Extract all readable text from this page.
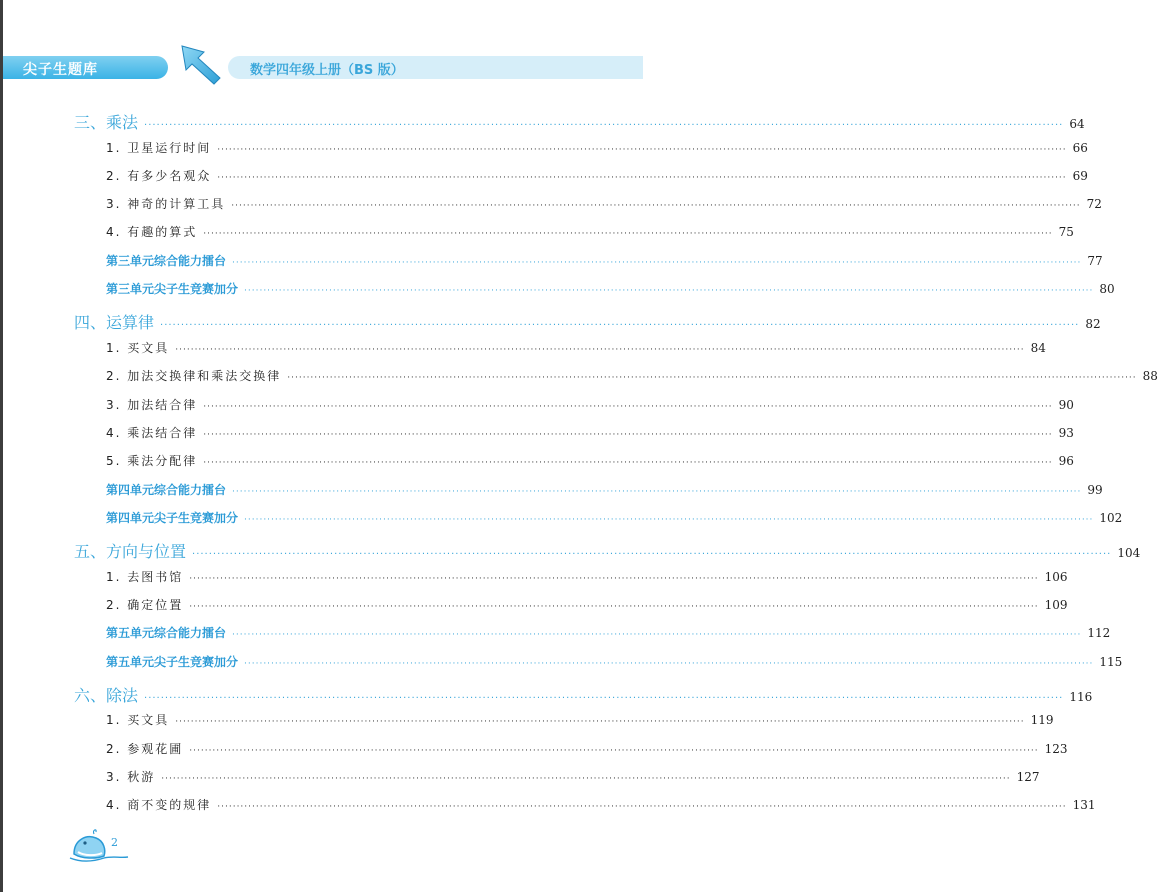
尖子生题库	数学四年级上册（BS 版）
三、乘法 ···························································································································································································································· 64
1. 卫星运行时间 ···························································································································································································································· 66
2. 有多少名观众 ···························································································································································································································· 69
3. 神奇的计算工具 ···························································································································································································································· 72
4. 有趣的算式 ···························································································································································································································· 75
第三单元综合能力擂台 ···························································································································································································································· 77
第三单元尖子生竞赛加分 ···························································································································································································································· 80
四、运算律 ···························································································································································································································· 82
1. 买文具 ···························································································································································································································· 84
2. 加法交换律和乘法交换律 ···························································································································································································································· 88
3. 加法结合律 ···························································································································································································································· 90
4. 乘法结合律 ···························································································································································································································· 93
5. 乘法分配律 ···························································································································································································································· 96
第四单元综合能力擂台 ···························································································································································································································· 99
第四单元尖子生竞赛加分 ···························································································································································································································· 102
五、方向与位置 ···························································································································································································································· 104
1. 去图书馆 ···························································································································································································································· 106
2. 确定位置 ···························································································································································································································· 109
第五单元综合能力擂台 ···························································································································································································································· 112
第五单元尖子生竞赛加分 ···························································································································································································································· 115
六、除法 ···························································································································································································································· 116
1. 买文具 ···························································································································································································································· 119
2. 参观花圃 ···························································································································································································································· 123
3. 秋游 ···························································································································································································································· 127
4. 商不变的规律 ···························································································································································································································· 131
2
